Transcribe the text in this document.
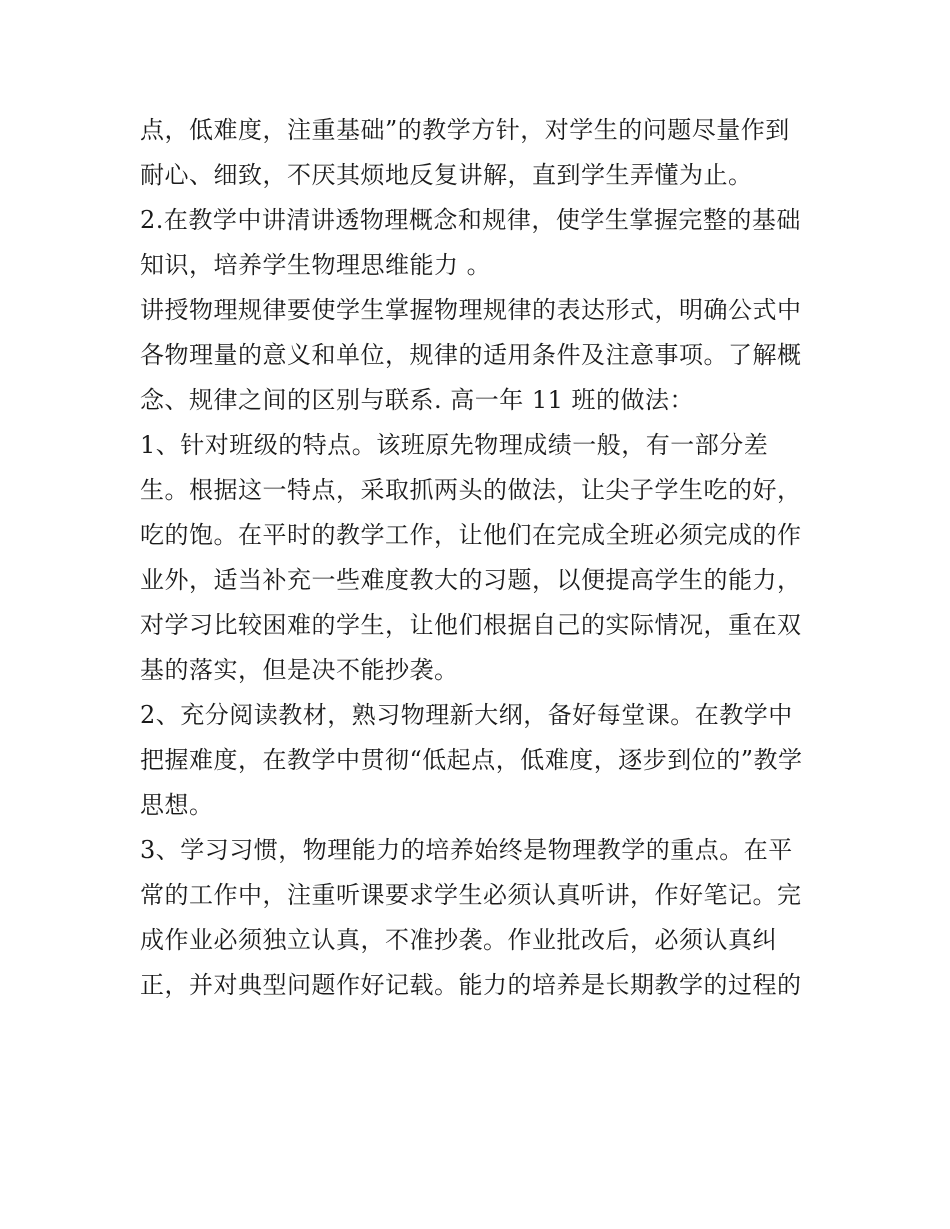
点，低难度，注重基础”的教学方针，对学生的问题尽量作到
耐心、细致，不厌其烦地反复讲解，直到学生弄懂为止。
2.在教学中讲清讲透物理概念和规律，使学生掌握完整的基础
知识，培养学生物理思维能力 。
讲授物理规律要使学生掌握物理规律的表达形式，明确公式中
各物理量的意义和单位，规律的适用条件及注意事项。了解概
念、规律之间的区别与联系. 高一年 11 班的做法：
1、针对班级的特点。该班原先物理成绩一般，有一部分差
生。根据这一特点，采取抓两头的做法，让尖子学生吃的好，
吃的饱。在平时的教学工作，让他们在完成全班必须完成的作
业外，适当补充一些难度教大的习题，以便提高学生的能力，
对学习比较困难的学生，让他们根据自己的实际情况，重在双
基的落实，但是决不能抄袭。
2、充分阅读教材，熟习物理新大纲，备好每堂课。在教学中
把握难度，在教学中贯彻“低起点，低难度，逐步到位的”教学
思想。
3、学习习惯，物理能力的培养始终是物理教学的重点。在平
常的工作中，注重听课要求学生必须认真听讲，作好笔记。完
成作业必须独立认真，不准抄袭。作业批改后，必须认真纠
正，并对典型问题作好记载。能力的培养是长期教学的过程的
